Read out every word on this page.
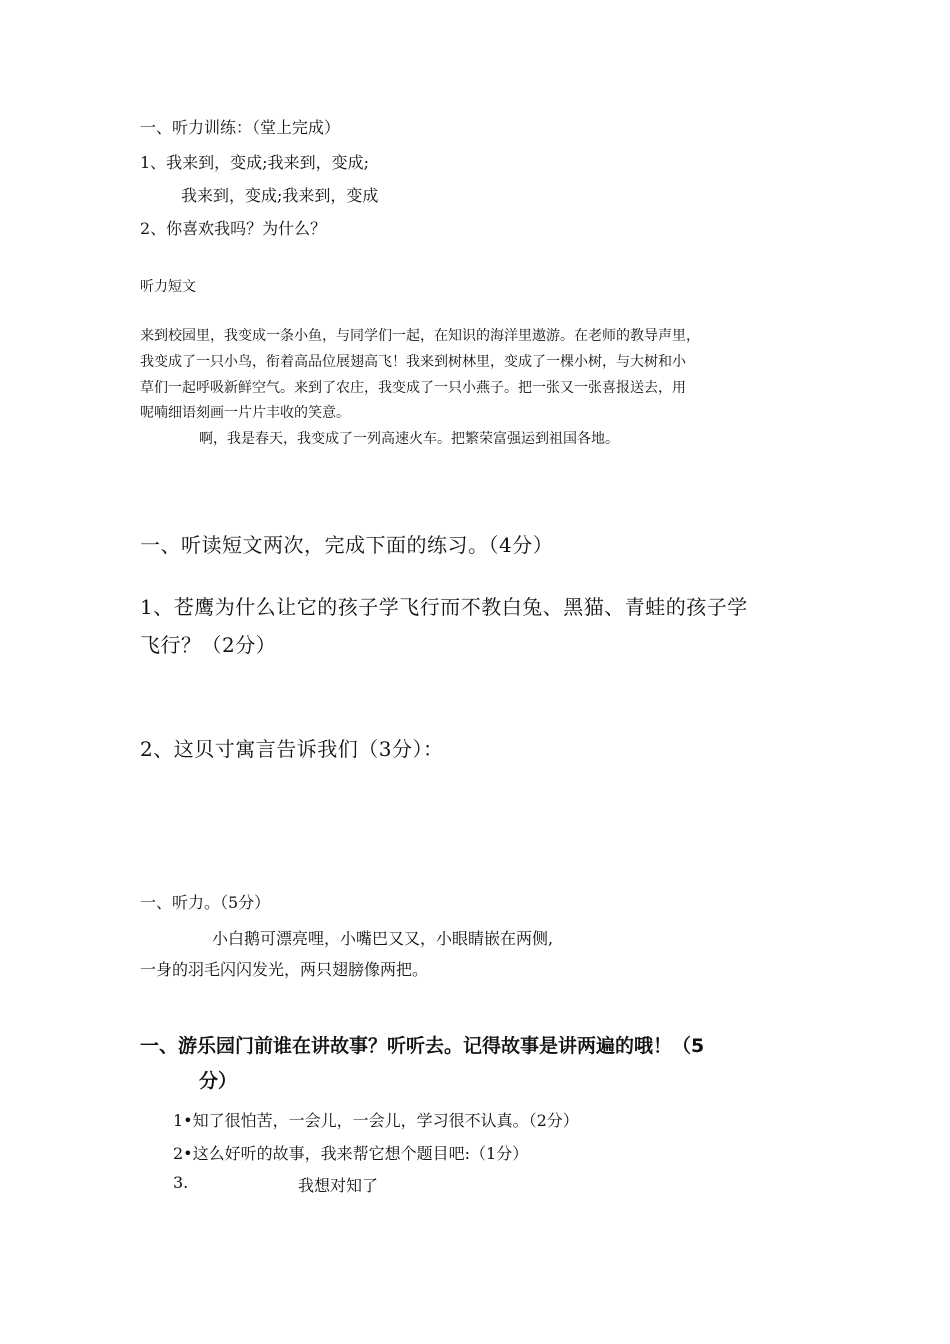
一、听力训练：（堂上完成）

1、我来到，变成;我来到，变成;

我来到，变成;我来到，变成

2、你喜欢我吗？为什么？

听力短文

来到校园里，我变成一条小鱼，与同学们一起，在知识的海洋里遨游。在老师的教导声里，

我变成了一只小鸟，衔着高品位展翅高飞！我来到树林里，变成了一棵小树，与大树和小

草们一起呼吸新鲜空气。来到了农庄，我变成了一只小燕子。把一张又一张喜报送去，用

呢喃细语刻画一片片丰收的笑意。

啊，我是春天，我变成了一列高速火车。把繁荣富强运到祖国各地。

一、听读短文两次，完成下面的练习。（4分）

1、苍鹰为什么让它的孩子学飞行而不教白兔、黑猫、青蛙的孩子学

飞行？（2分）

2、这贝寸寓言告诉我们（3分）：

一、听力。（5分）

小白鹅可漂亮哩，小嘴巴又又，小眼睛嵌在两侧,

一身的羽毛闪闪发光，两只翅膀像两把。

一、游乐园门前谁在讲故事？听听去。记得故事是讲两遍的哦！（5

分）

1•知了很怕苦，一会儿，一会儿，学习很不认真。（2分）

2•这么好听的故事，我来帮它想个题目吧:（1分）

3.	我想对知了
